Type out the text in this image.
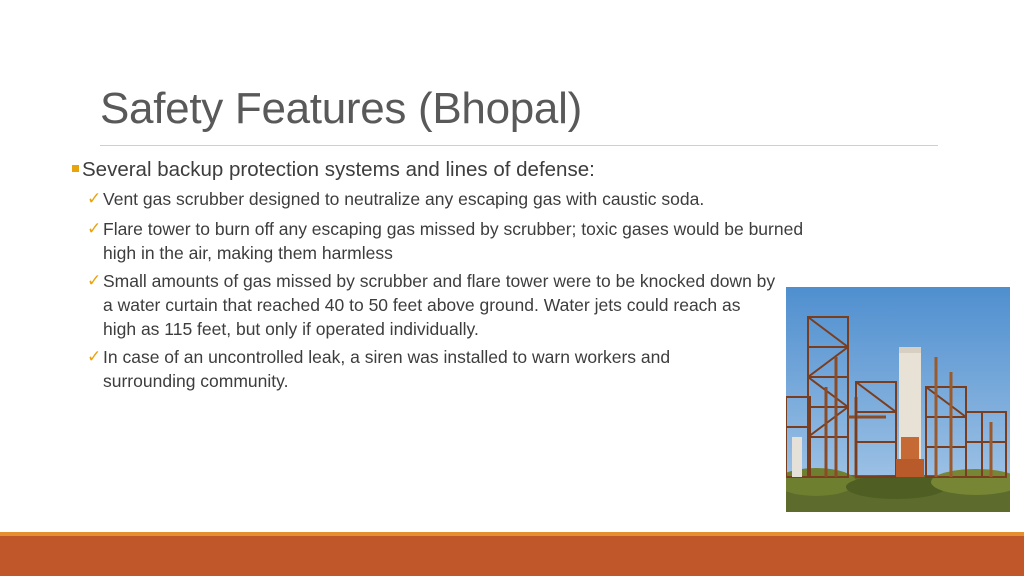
Safety Features (Bhopal)
Several backup protection systems and lines of defense:
✓ Vent gas scrubber designed to neutralize any escaping gas with caustic soda.
✓ Flare tower to burn off any escaping gas missed by scrubber; toxic gases would be burned high in the air, making them harmless
✓ Small amounts of gas missed by scrubber and flare tower were to be knocked down by a water curtain that reached 40 to 50 feet above ground. Water jets could reach as high as 115 feet, but only if operated individually.
✓ In case of an uncontrolled leak, a siren was installed to warn workers and surrounding community.
